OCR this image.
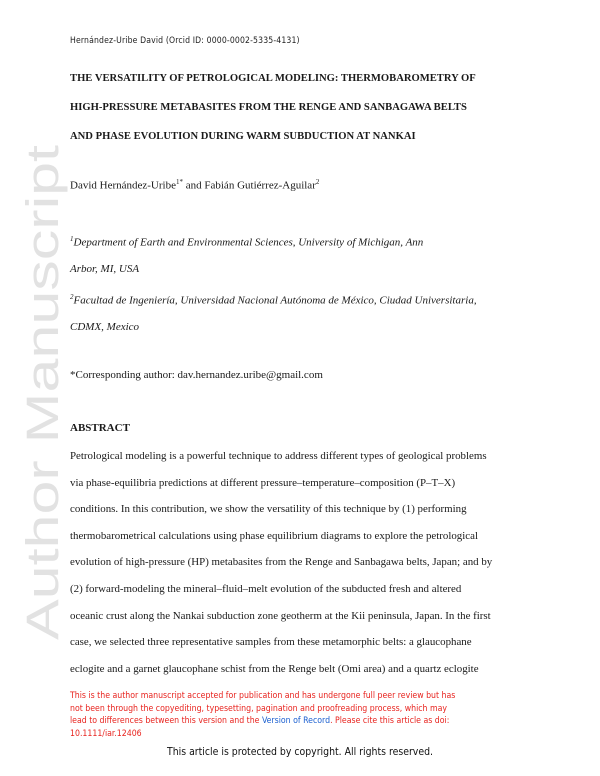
Author Manuscript
Hernández-Uribe David (Orcid ID: 0000-0002-5335-4131)
THE VERSATILITY OF PETROLOGICAL MODELING: THERMOBAROMETRY OF
HIGH-PRESSURE METABASITES FROM THE RENGE AND SANBAGAWA BELTS
AND PHASE EVOLUTION DURING WARM SUBDUCTION AT NANKAI
David Hernández-Uribe$^{1*}$ and Fabián Gutiérrez-Aguilar$^2$
$^1$Department of Earth and Environmental Sciences, University of Michigan, Ann
Arbor, MI, USA
$^2$Facultad de Ingeniería, Universidad Nacional Autónoma de México, Ciudad Universitaria,
CDMX, Mexico
*Corresponding author: dav.hernandez.uribe@gmail.com
ABSTRACT
Petrological modeling is a powerful technique to address different types of geological problems
via phase-equilibria predictions at different pressure–temperature–composition (P–T–X)
conditions. In this contribution, we show the versatility of this technique by (1) performing
thermobarometrical calculations using phase equilibrium diagrams to explore the petrological
evolution of high-pressure (HP) metabasites from the Renge and Sanbagawa belts, Japan; and by
(2) forward-modeling the mineral–fluid–melt evolution of the subducted fresh and altered
oceanic crust along the Nankai subduction zone geotherm at the Kii peninsula, Japan. In the first
case, we selected three representative samples from these metamorphic belts: a glaucophane
eclogite and a garnet glaucophane schist from the Renge belt (Omi area) and a quartz eclogite
This is the author manuscript accepted for publication and has undergone full peer review but has
not been through the copyediting, typesetting, pagination and proofreading process, which may
lead to differences between this version and the Version of Record. Please cite this article as doi:
10.1111/iar.12406
This article is protected by copyright. All rights reserved.
